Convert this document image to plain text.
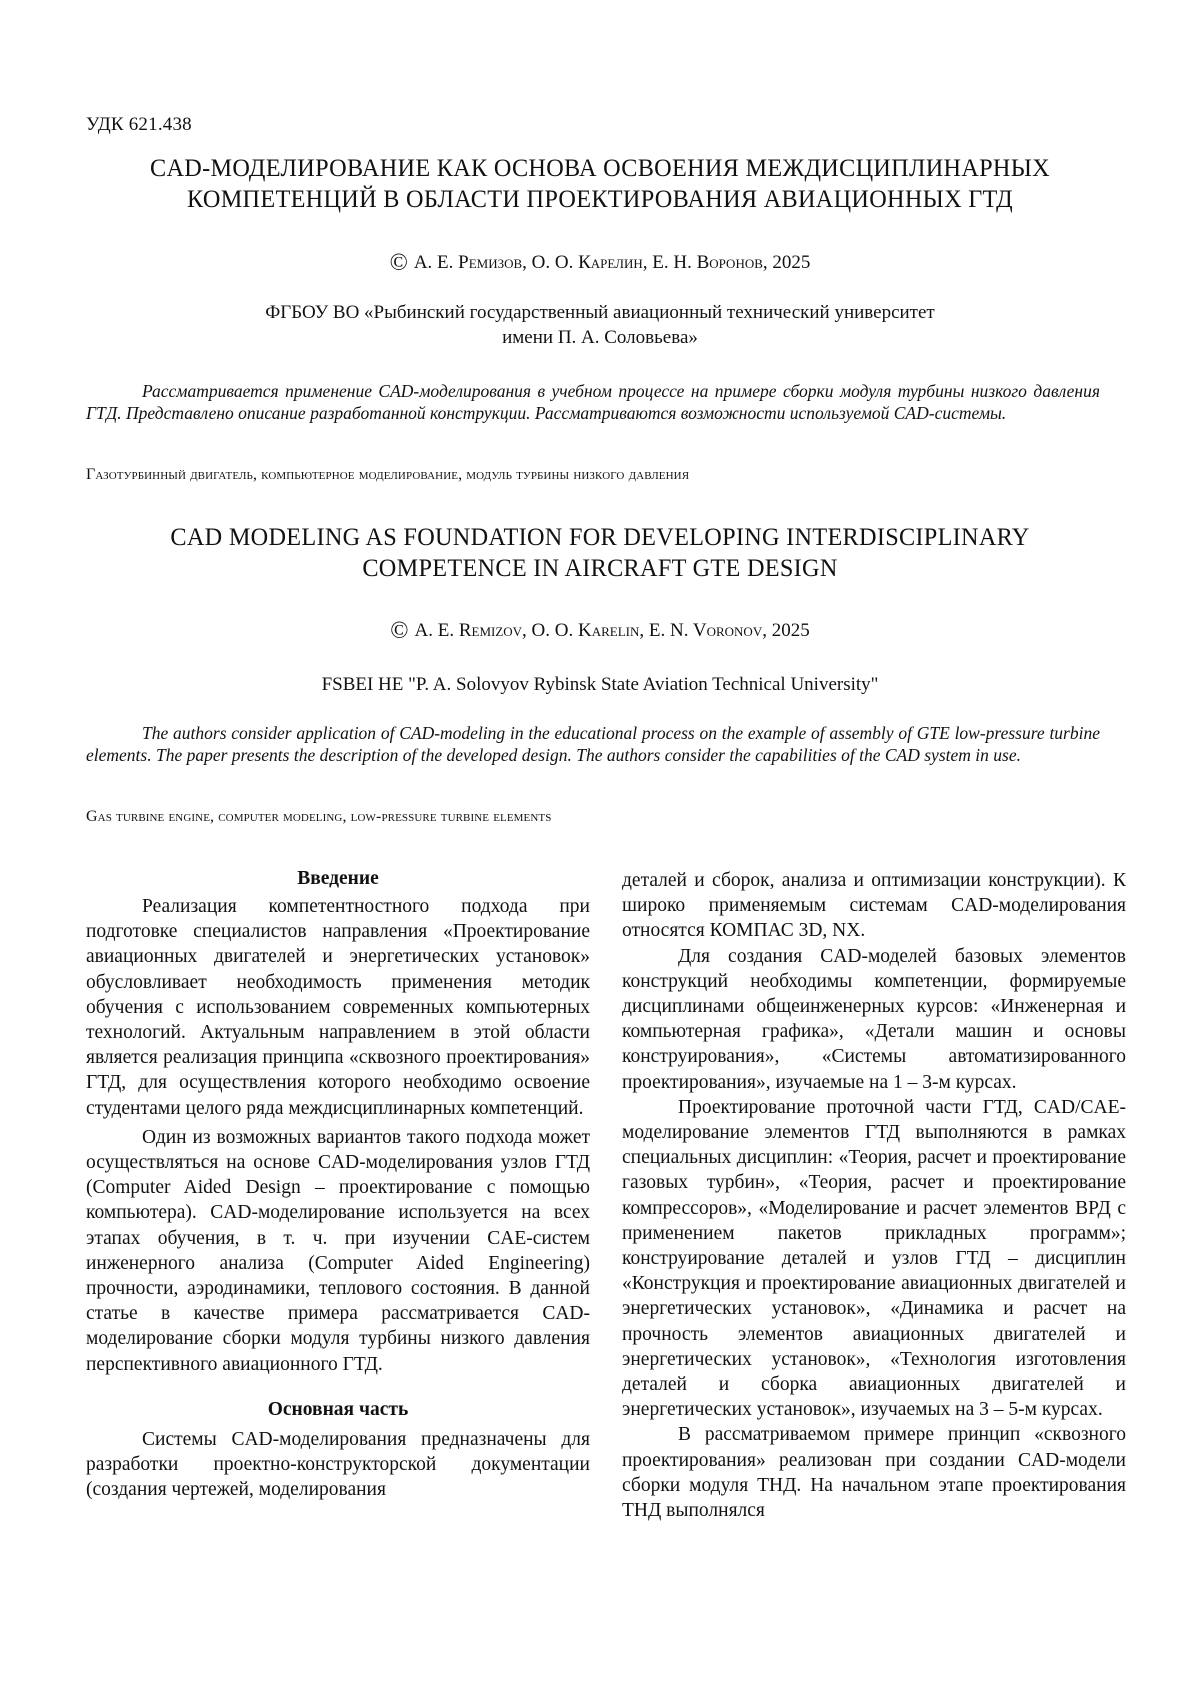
УДК 621.438
CAD-МОДЕЛИРОВАНИЕ КАК ОСНОВА ОСВОЕНИЯ МЕЖДИСЦИПЛИНАРНЫХ
КОМПЕТЕНЦИЙ В ОБЛАСТИ ПРОЕКТИРОВАНИЯ АВИАЦИОННЫХ ГТД
© А. Е. Ремизов, О. О. Карелин, Е. Н. Воронов, 2025
ФГБОУ ВО «Рыбинский государственный авиационный технический университет
имени П. А. Соловьева»
Рассматривается применение CAD-моделирования в учебном процессе на примере сборки модуля турбины низкого давления ГТД. Представлено описание разработанной конструкции. Рассматриваются возможности используемой CAD-системы.
Газотурбинный двигатель, компьютерное моделирование, модуль турбины низкого давления
CAD MODELING AS FOUNDATION FOR DEVELOPING INTERDISCIPLINARY
COMPETENCE IN AIRCRAFT GTE DESIGN
© A. E. Remizov, O. O. Karelin, E. N. Voronov, 2025
FSBEI HE "P. A. Solovyov Rybinsk State Aviation Technical University"
The authors consider application of CAD-modeling in the educational process on the example of assembly of GTE low-pressure turbine elements. The paper presents the description of the developed design. The authors consider the capabilities of the CAD system in use.
Gas turbine engine, computer modeling, low-pressure turbine elements
Введение

Реализация компетентностного подхода при подготовке специалистов направления «Проектирование авиационных двигателей и энергетических установок» обусловливает необходимость применения методик обучения с использованием современных компьютерных технологий. Актуальным направлением в этой области является реализация принципа «сквозного проектирования» ГТД, для осуществления которого необходимо освоение студентами целого ряда междисциплинарных компетенций.

Один из возможных вариантов такого подхода может осуществляться на основе CAD-моделирования узлов ГТД (Computer Aided Design – проектирование с помощью компьютера). CAD-моделирование используется на всех этапах обучения, в т. ч. при изучении CAE-систем инженерного анализа (Computer Aided Engineering) прочности, аэродинамики, теплового состояния. В данной статье в качестве примера рассматривается CAD-моделирование сборки модуля турбины низкого давления перспективного авиационного ГТД.

Основная часть

Системы CAD-моделирования предназначены для разработки проектно-конструкторской документации (создания чертежей, моделирования

деталей и сборок, анализа и оптимизации конструкции). К широко применяемым системам CAD-моделирования относятся КОМПАС 3D, NX.

Для создания CAD-моделей базовых элементов конструкций необходимы компетенции, формируемые дисциплинами общеинженерных курсов: «Инженерная и компьютерная графика», «Детали машин и основы конструирования», «Системы автоматизированного проектирования», изучаемые на 1 – 3-м курсах.

Проектирование проточной части ГТД, CAD/CAE-моделирование элементов ГТД выполняются в рамках специальных дисциплин: «Теория, расчет и проектирование газовых турбин», «Теория, расчет и проектирование компрессоров», «Моделирование и расчет элементов ВРД с применением пакетов прикладных программ»; конструирование деталей и узлов ГТД – дисциплин «Конструкция и проектирование авиационных двигателей и энергетических установок», «Динамика и расчет на прочность элементов авиационных двигателей и энергетических установок», «Технология изготовления деталей и сборка авиационных двигателей и энергетических установок», изучаемых на 3 – 5-м курсах.

В рассматриваемом примере принцип «сквозного проектирования» реализован при создании CAD-модели сборки модуля ТНД. На начальном этапе проектирования ТНД выполнялся
